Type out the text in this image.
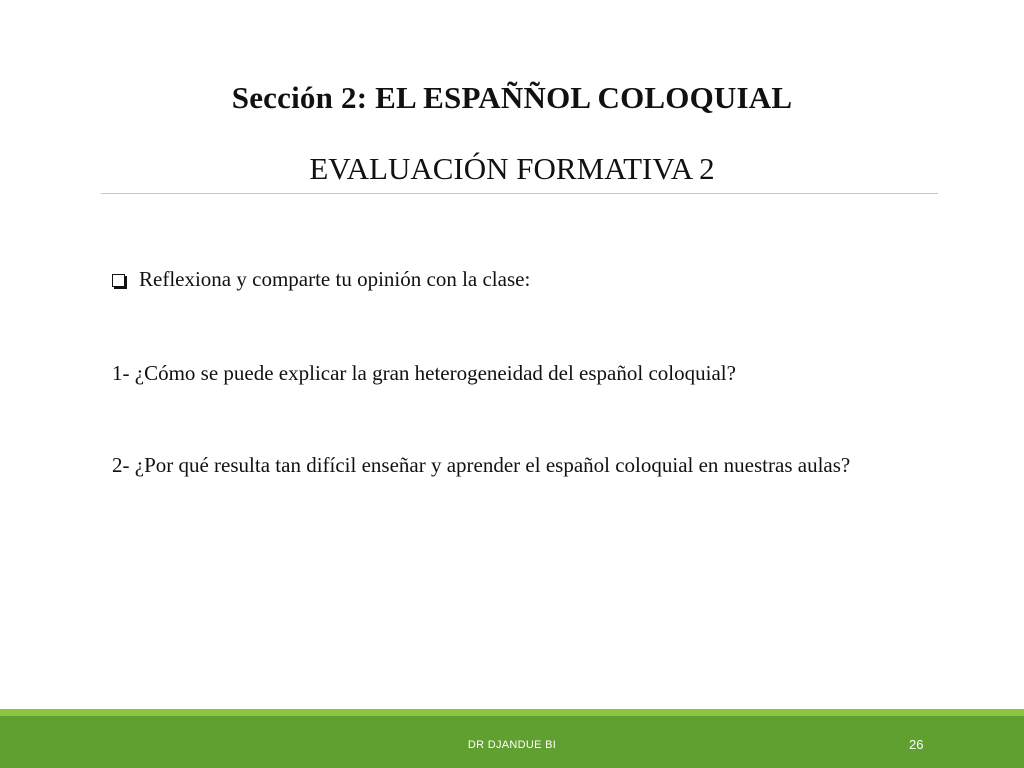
Sección 2: EL ESPAÑÑOL COLOQUIAL
EVALUACIÓN FORMATIVA 2
Reflexiona y comparte tu opinión con la clase:
1- ¿Cómo se puede explicar la gran heterogeneidad del español coloquial?
2- ¿Por qué resulta tan difícil enseñar y aprender el español coloquial en nuestras aulas?
DR DJANDUE BI	26
